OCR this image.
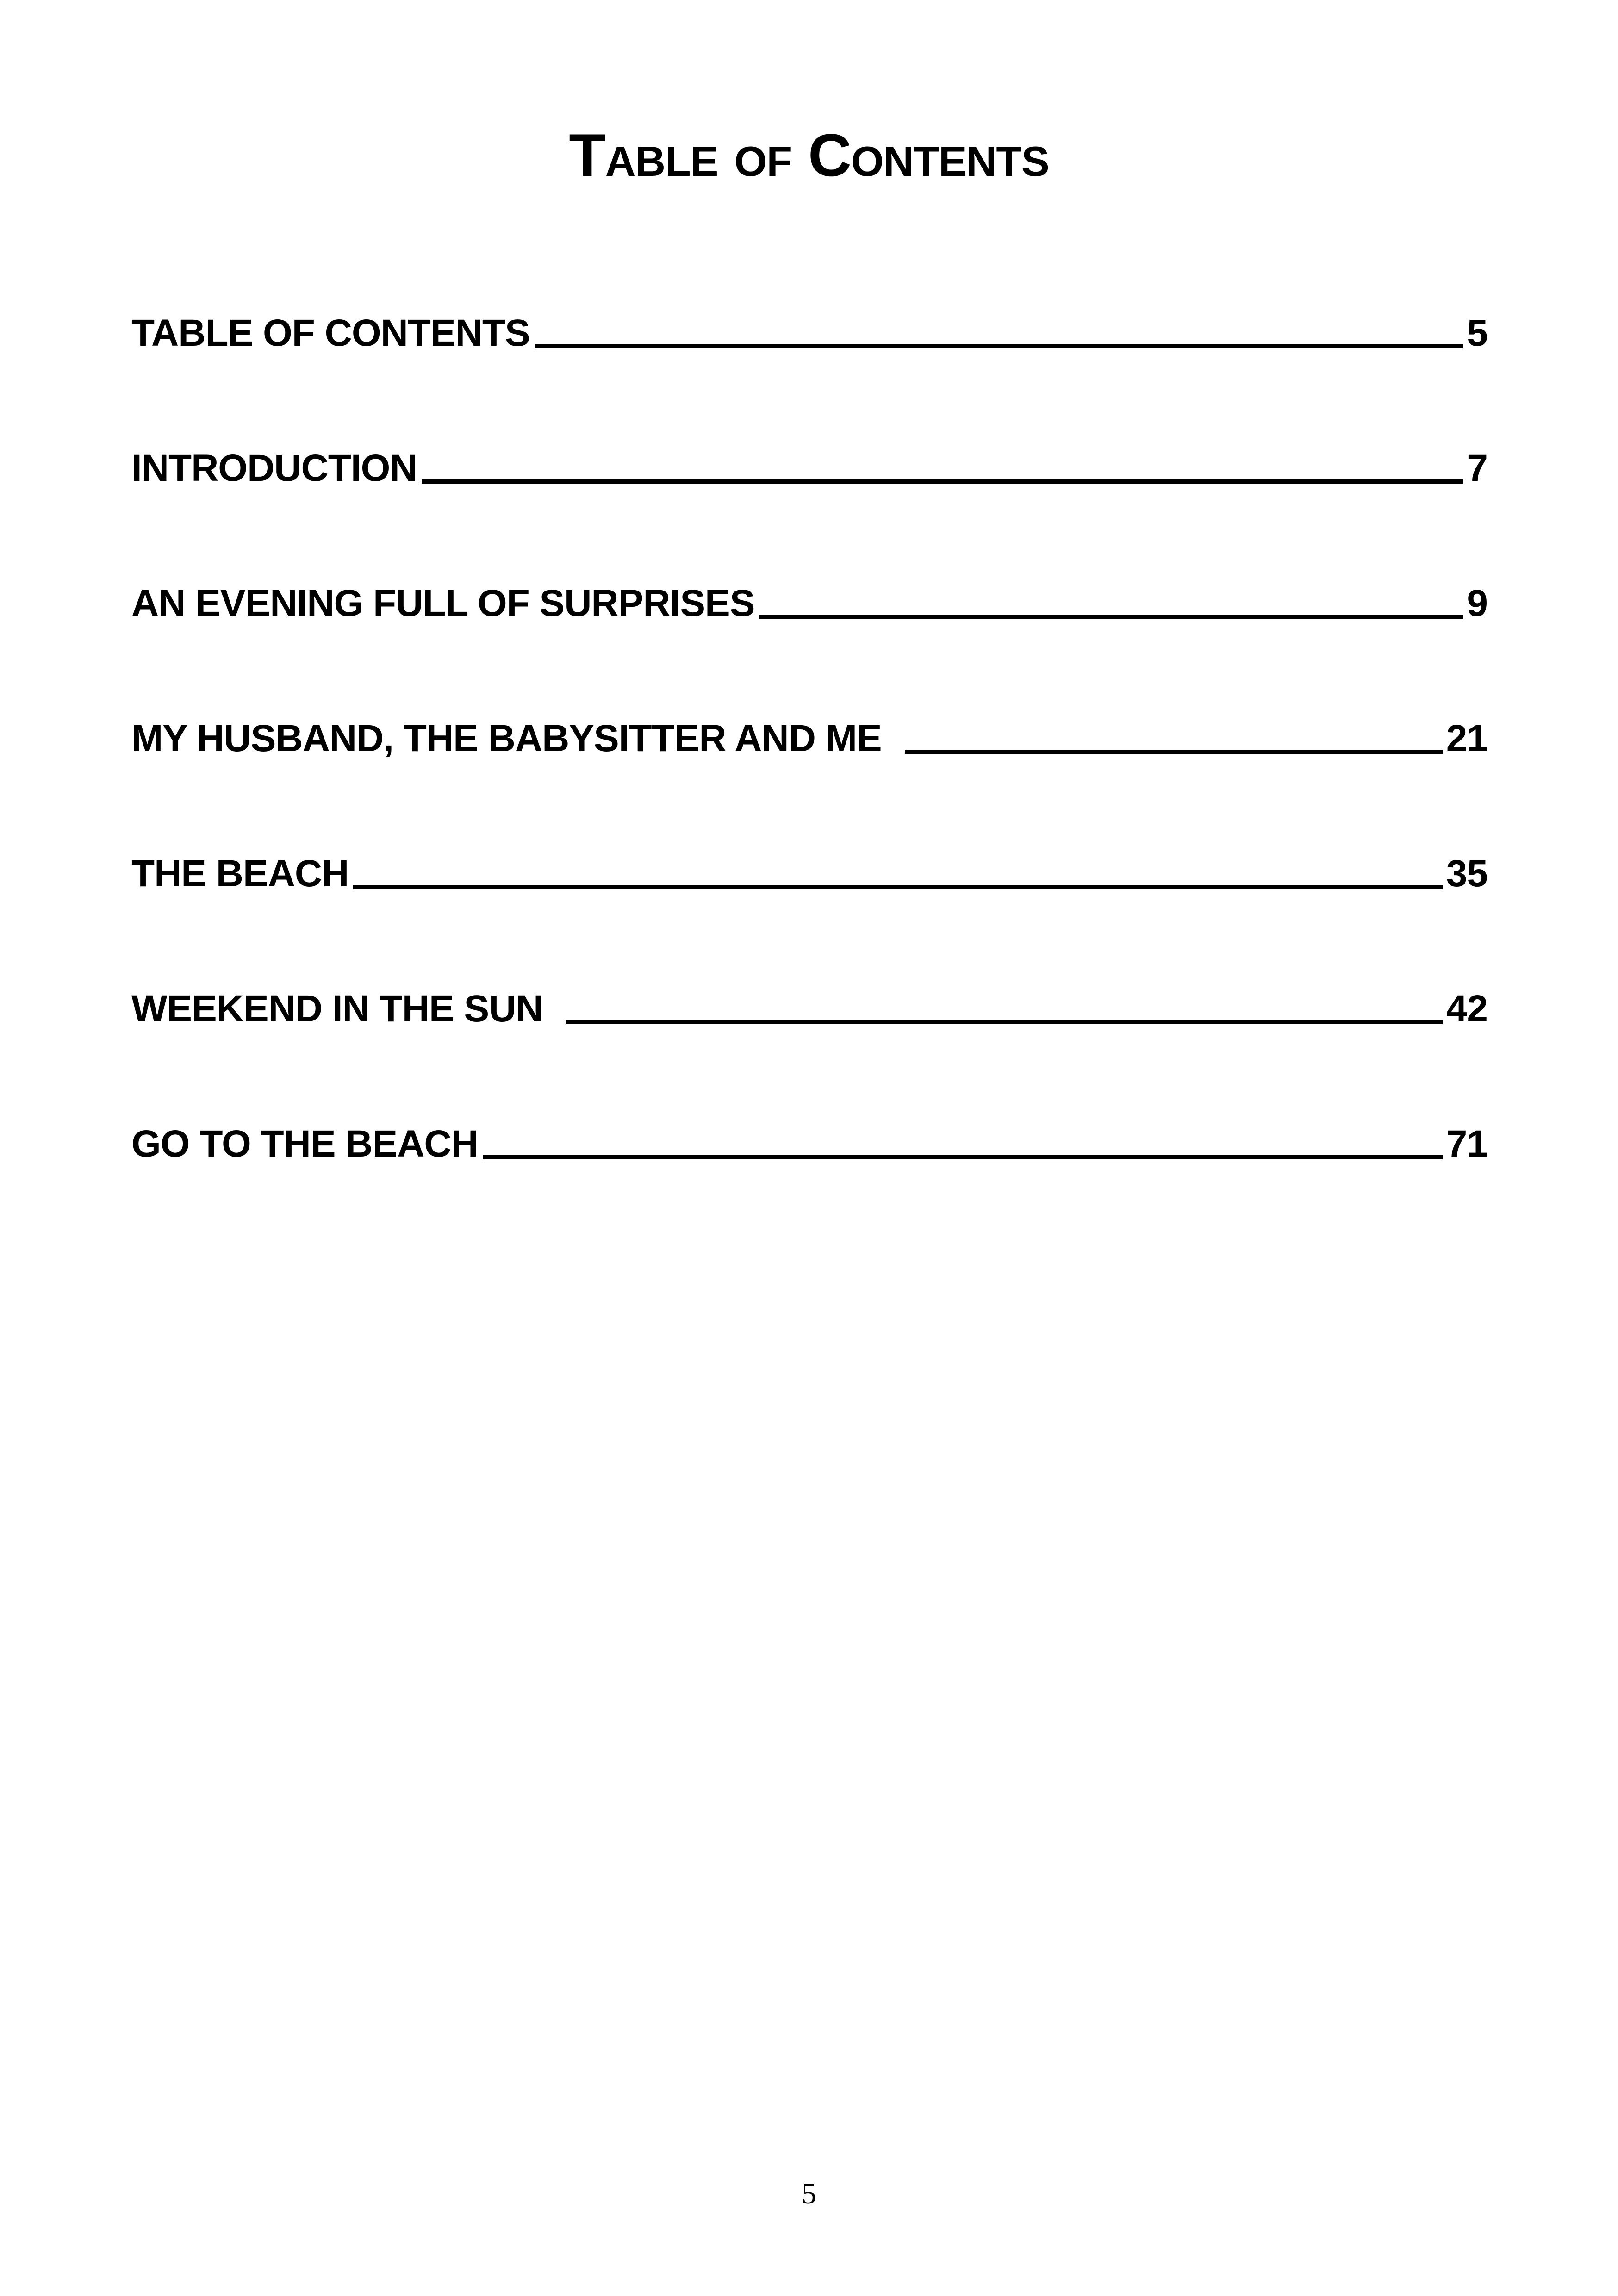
Table of Contents
TABLE OF CONTENTS	5
INTRODUCTION	7
AN EVENING FULL OF SURPRISES	9
MY HUSBAND, THE BABYSITTER AND ME	21
THE BEACH	35
WEEKEND IN THE SUN	42
GO TO THE BEACH	71
5
